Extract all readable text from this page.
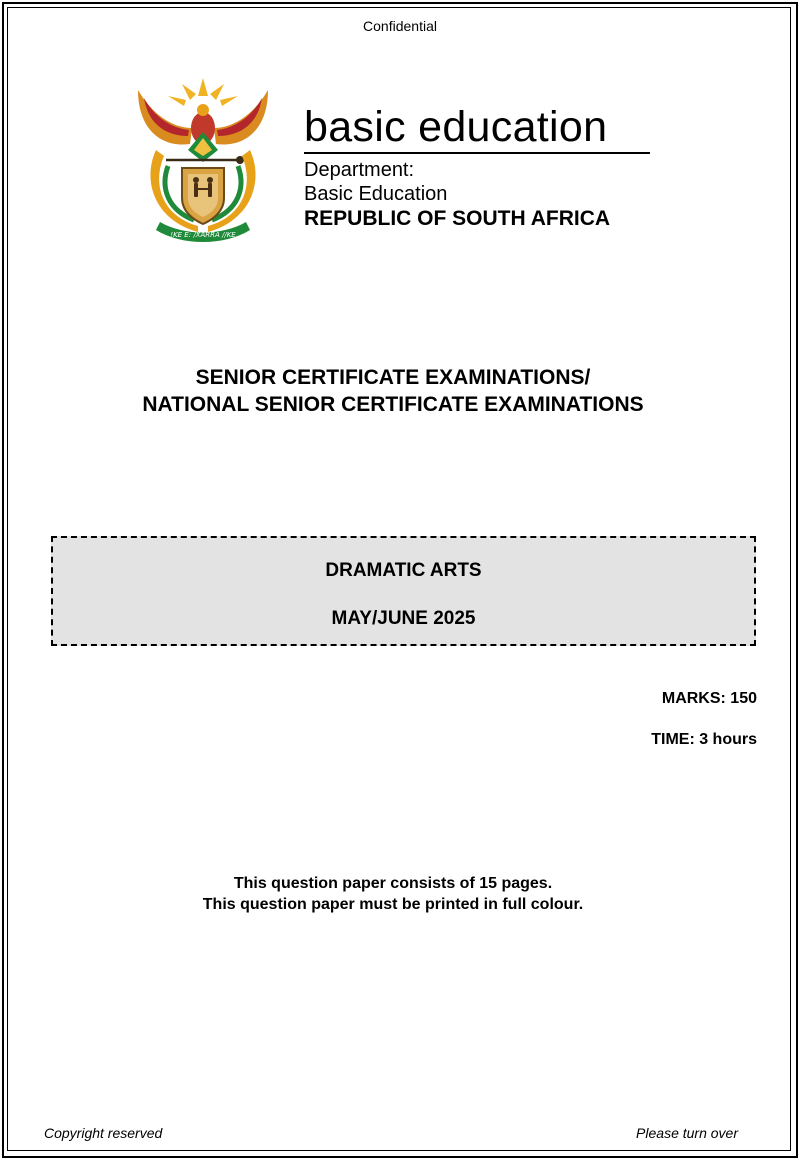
Confidential
!KE E: /XARRA //KE
basic education
Department:
Basic Education
REPUBLIC OF SOUTH AFRICA
SENIOR CERTIFICATE EXAMINATIONS/
NATIONAL SENIOR CERTIFICATE EXAMINATIONS
DRAMATIC ARTS
MAY/JUNE 2025
MARKS: 150
TIME: 3 hours
This question paper consists of 15 pages.
This question paper must be printed in full colour.
Copyright reserved	Please turn over
